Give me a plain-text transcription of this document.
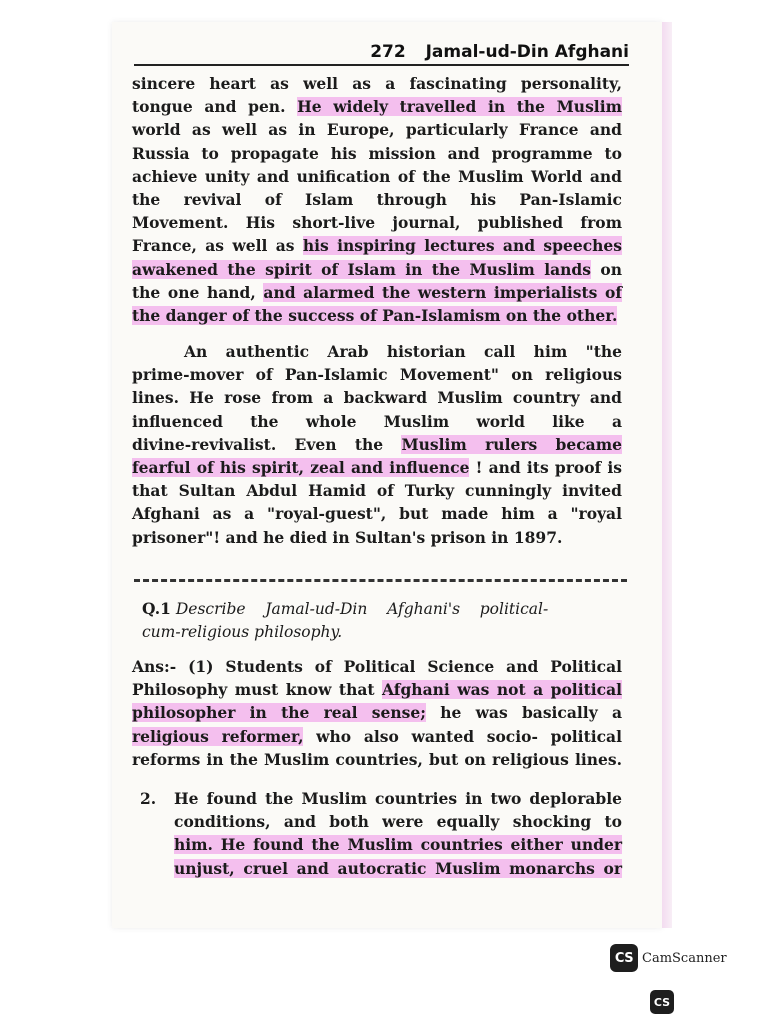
272 Jamal-ud-Din Afghani
sincere heart as well as a fascinating personality,
tongue and pen. He widely travelled in the Muslim
world as well as in Europe, particularly France and
Russia to propagate his mission and programme to
achieve unity and unification of the Muslim World and
the revival of Islam through his Pan-Islamic
Movement. His short-live journal, published from
France, as well as his inspiring lectures and speeches
awakened the spirit of Islam in the Muslim lands on
the one hand, and alarmed the western imperialists of
the danger of the success of Pan-Islamism on the other.
An authentic Arab historian call him "the
prime-mover of Pan-Islamic Movement" on religious
lines. He rose from a backward Muslim country and
influenced the whole Muslim world like a
divine-revivalist. Even the Muslim rulers became
fearful of his spirit, zeal and influence ! and its proof is
that Sultan Abdul Hamid of Turky cunningly invited
Afghani as a "royal-guest", but made him a "royal
prisoner"! and he died in Sultan's prison in 1897.
Q.1 Describe    Jamal-ud-Din    Afghani's    political-
cum-religious philosophy.
Ans:- (1) Students of Political Science and Political
Philosophy must know that Afghani was not a political
philosopher in the real sense; he was basically a
religious reformer, who also wanted socio- political
reforms in the Muslim countries, but on religious lines.
2. He found the Muslim countries in two deplorable
conditions, and both were equally shocking to
him. He found the Muslim countries either under
unjust, cruel and autocratic Muslim monarchs or
CS CamScanner
CS
